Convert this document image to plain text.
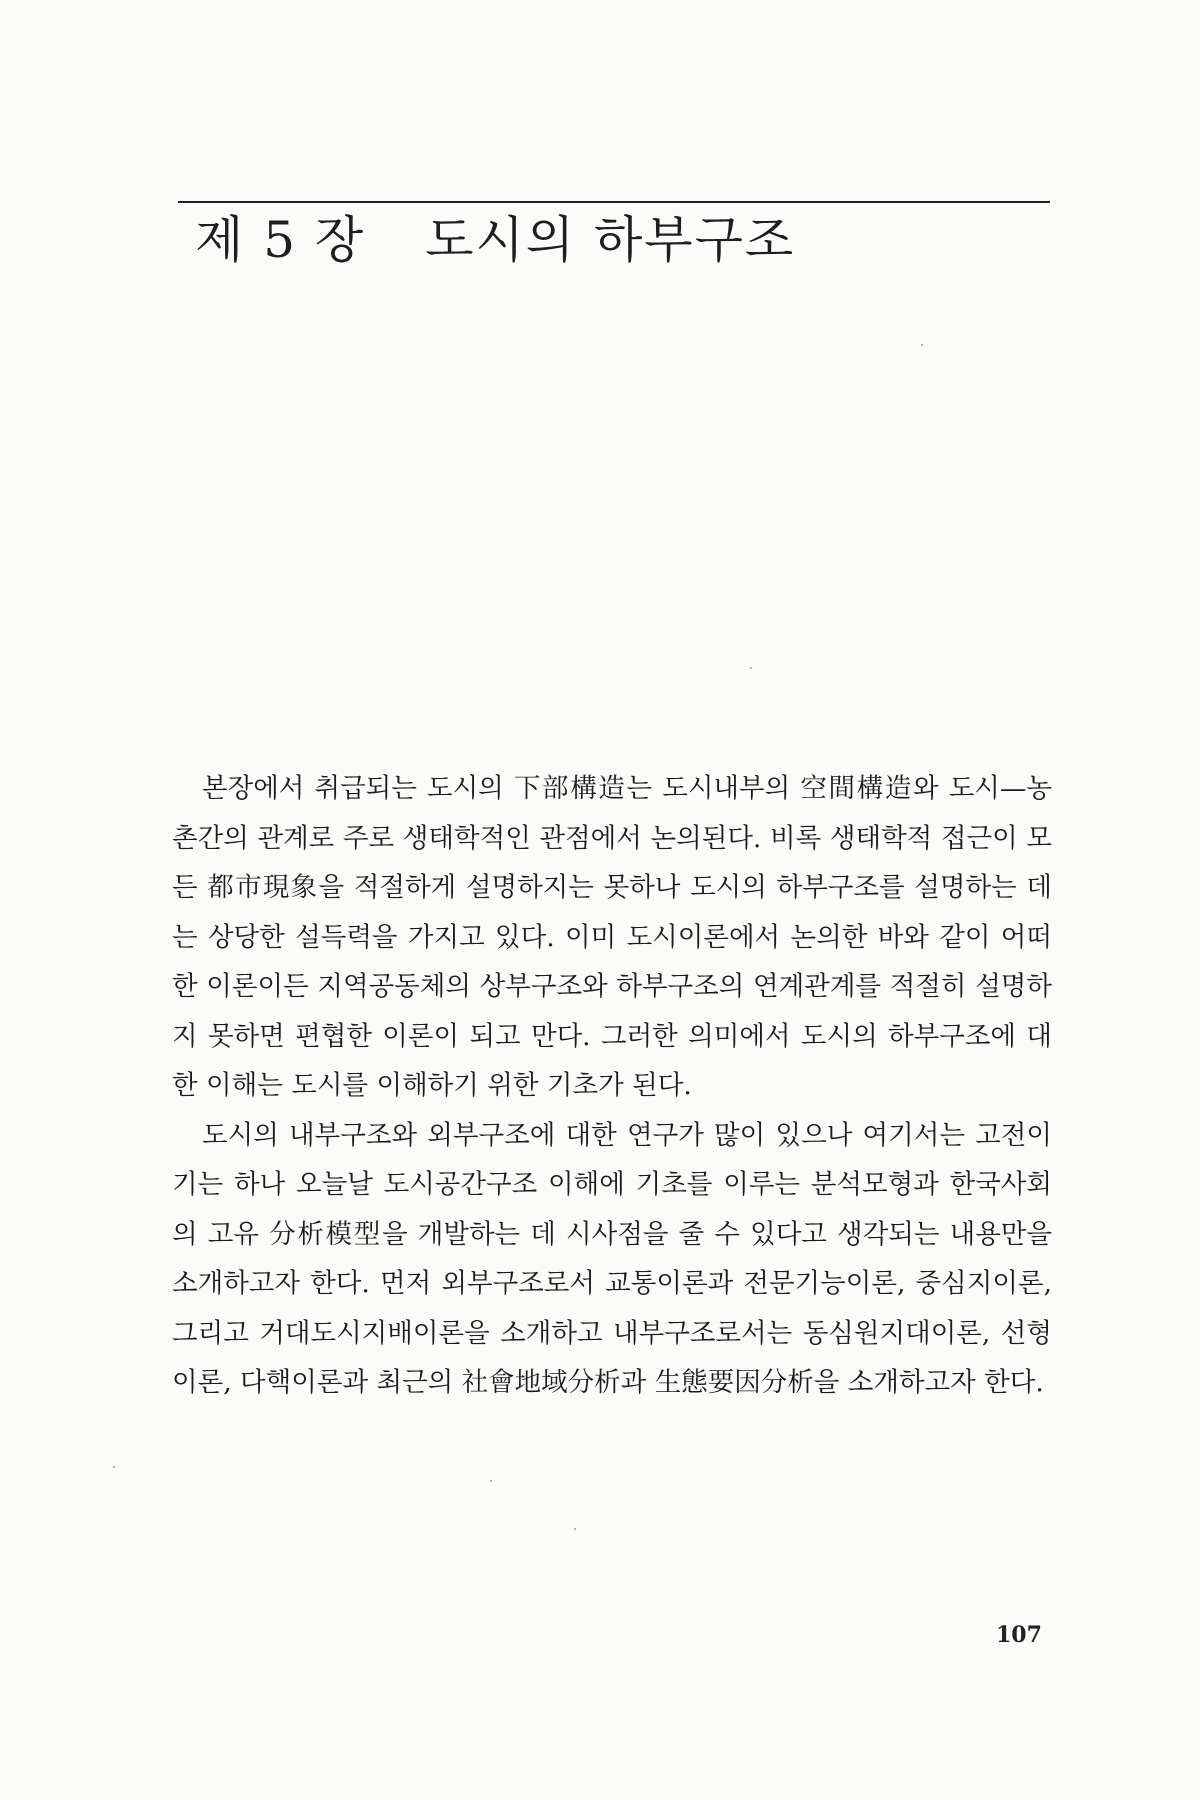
제 5 장 도시의 하부구조

본장에서 취급되는 도시의 下部構造는 도시내부의 空間構造와 도시—농촌간의 관계로 주로 생태학적인 관점에서 논의된다. 비록 생태학적 접근이 모든 都市現象을 적절하게 설명하지는 못하나 도시의 하부구조를 설명하는 데는 상당한 설득력을 가지고 있다. 이미 도시이론에서 논의한 바와 같이 어떠한 이론이든 지역공동체의 상부구조와 하부구조의 연계관계를 적절히 설명하지 못하면 편협한 이론이 되고 만다. 그러한 의미에서 도시의 하부구조에 대한 이해는 도시를 이해하기 위한 기초가 된다.

도시의 내부구조와 외부구조에 대한 연구가 많이 있으나 여기서는 고전이기는 하나 오늘날 도시공간구조 이해에 기초를 이루는 분석모형과 한국사회의 고유 分析模型을 개발하는 데 시사점을 줄 수 있다고 생각되는 내용만을 소개하고자 한다. 먼저 외부구조로서 교통이론과 전문기능이론, 중심지이론, 그리고 거대도시지배이론을 소개하고 내부구조로서는 동심원지대이론, 선형이론, 다핵이론과 최근의 社會地域分析과 生態要因分析을 소개하고자 한다.

107
